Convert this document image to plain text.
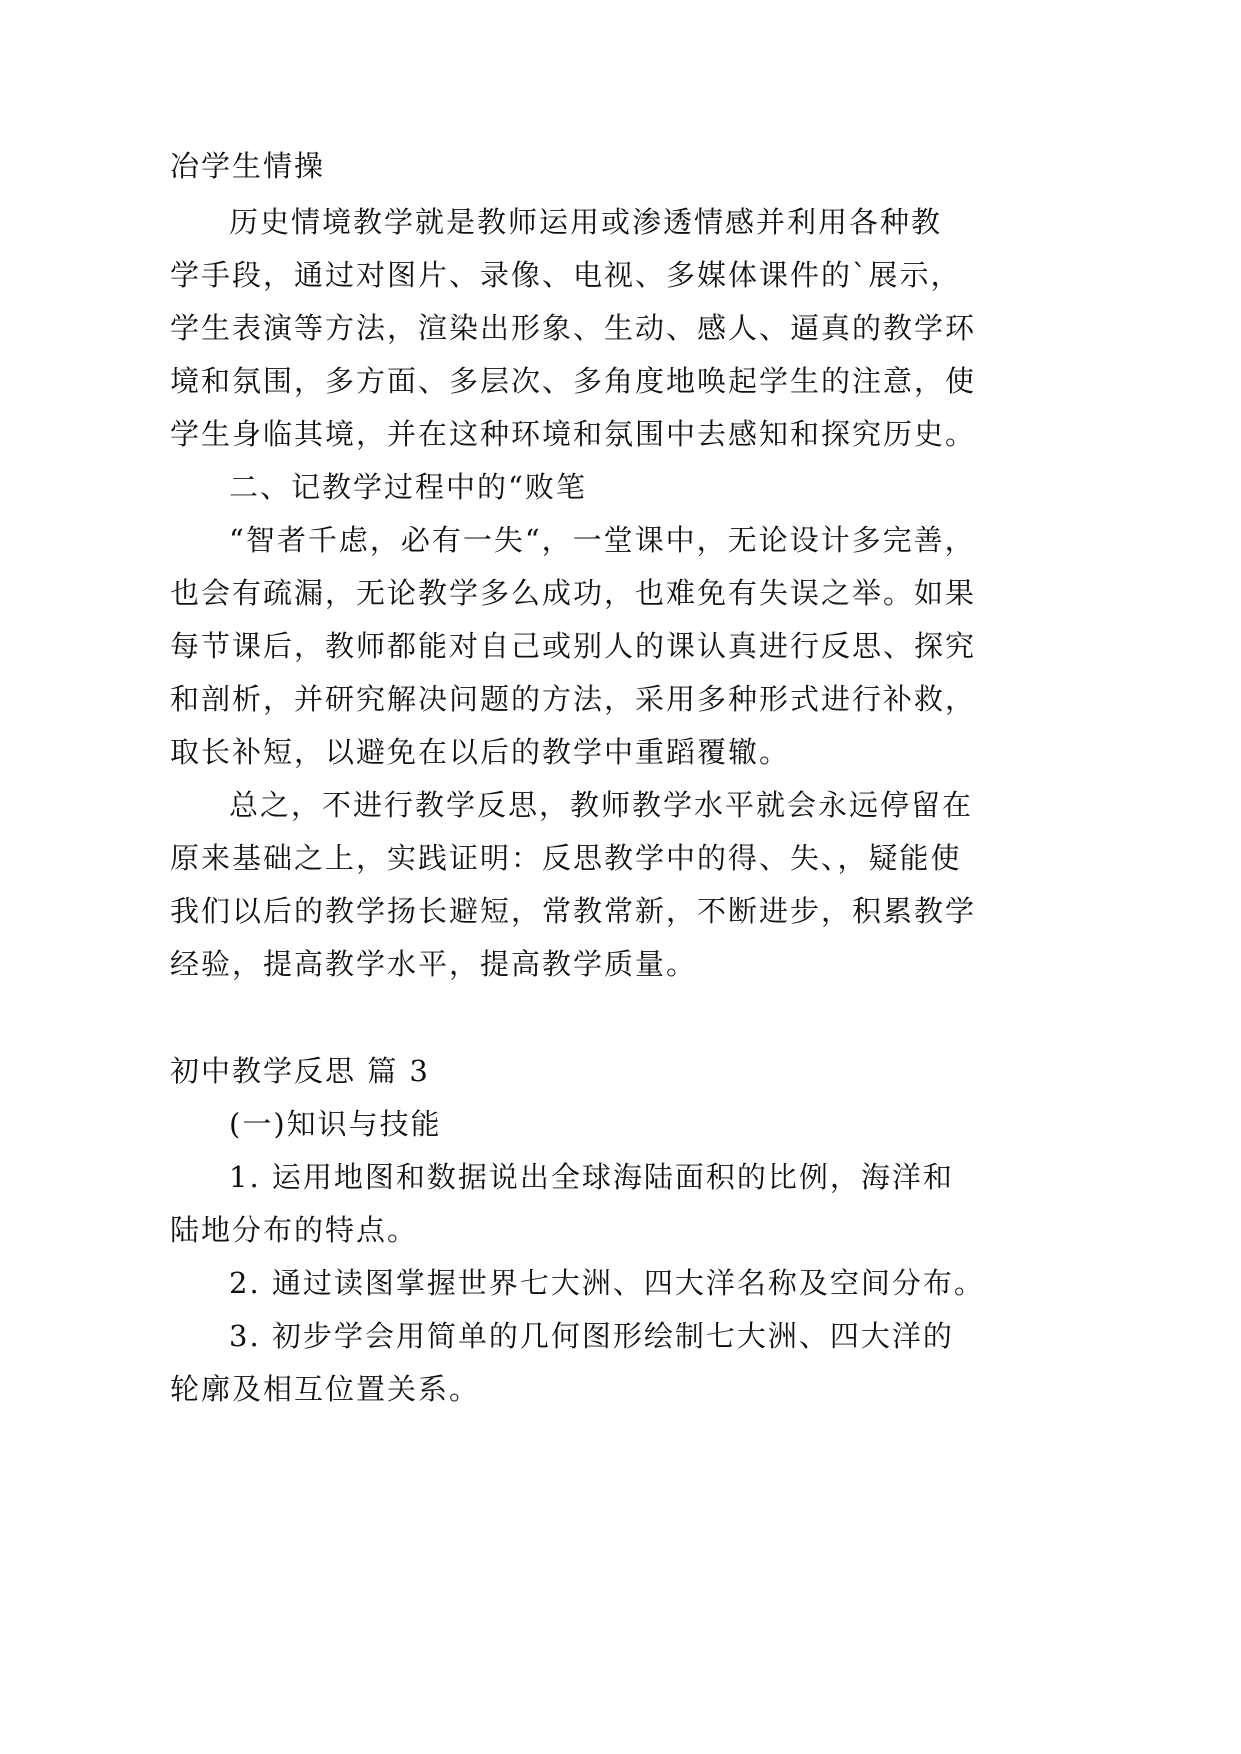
冶学生情操

历史情境教学就是教师运用或渗透情感并利用各种教

学手段，通过对图片、录像、电视、多媒体课件的`展示，

学生表演等方法，渲染出形象、生动、感人、逼真的教学环

境和氛围，多方面、多层次、多角度地唤起学生的注意，使

学生身临其境，并在这种环境和氛围中去感知和探究历史。

二、记教学过程中的“败笔

“智者千虑，必有一失“，一堂课中，无论设计多完善，

也会有疏漏，无论教学多么成功，也难免有失误之举。如果

每节课后，教师都能对自己或别人的课认真进行反思、探究

和剖析，并研究解决问题的方法，采用多种形式进行补救，

取长补短，以避免在以后的教学中重蹈覆辙。

总之，不进行教学反思，教师教学水平就会永远停留在

原来基础之上，实践证明：反思教学中的得、失、，疑能使

我们以后的教学扬长避短，常教常新，不断进步，积累教学

经验，提高教学水平，提高教学质量。

初中教学反思 篇 3

(一)知识与技能

1. 运用地图和数据说出全球海陆面积的比例，海洋和

陆地分布的特点。

2. 通过读图掌握世界七大洲、四大洋名称及空间分布。

3. 初步学会用简单的几何图形绘制七大洲、四大洋的

轮廓及相互位置关系。
